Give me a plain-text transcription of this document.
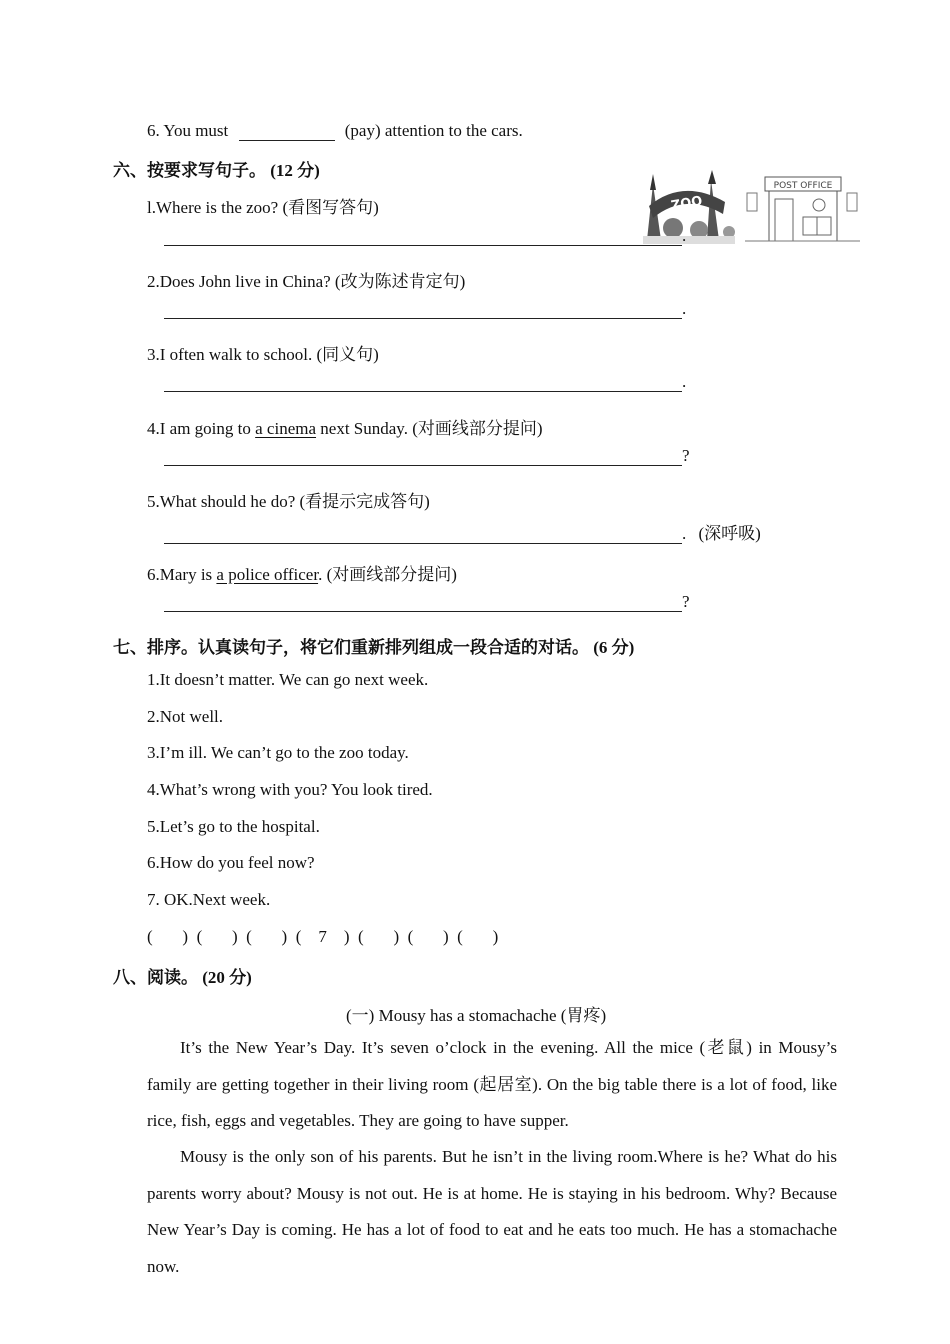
6. You must	(pay) attention to the cars.
六、按要求写句子。 (12 分)
ZOO
POST OFFICE
l.Where is the zoo? (看图写答句)
.
2.Does John live in China? (改为陈述肯定句)
.
3.I often walk to school. (同义句)
.
4.I am going to a cinema next Sunday. (对画线部分提问)
?
5.What should he do? (看提示完成答句)
. (深呼吸)
6.Mary is a police officer. (对画线部分提问)
?
七、排序。认真读句子，将它们重新排列组成一段合适的对话。 (6 分)
1.It doesn’t matter. We can go next week.
2.Not well.
3.I’m ill. We can’t go to the zoo today.
4.What’s wrong with you? You look tired.
5.Let’s go to the hospital.
6.How do you feel now?
7. OK.Next week.
(       )  (       )  (       )  (    7    )  (       )  (       )  (       )
八、阅读。 (20 分)
(一) Mousy has a stomachache (胃疼)
It’s the New Year’s Day. It’s seven o’clock in the evening. All the mice (老鼠) in Mousy’s family are getting together in their living room (起居室). On the big table there is a lot of food, like rice, fish, eggs and vegetables. They are going to have supper.
Mousy is the only son of his parents. But he isn’t in the living room.Where is he? What do his parents worry about? Mousy is not out. He is at home. He is staying in his bedroom. Why? Because New Year’s Day is coming. He has a lot of food to eat and he eats too much. He has a stomachache now.
